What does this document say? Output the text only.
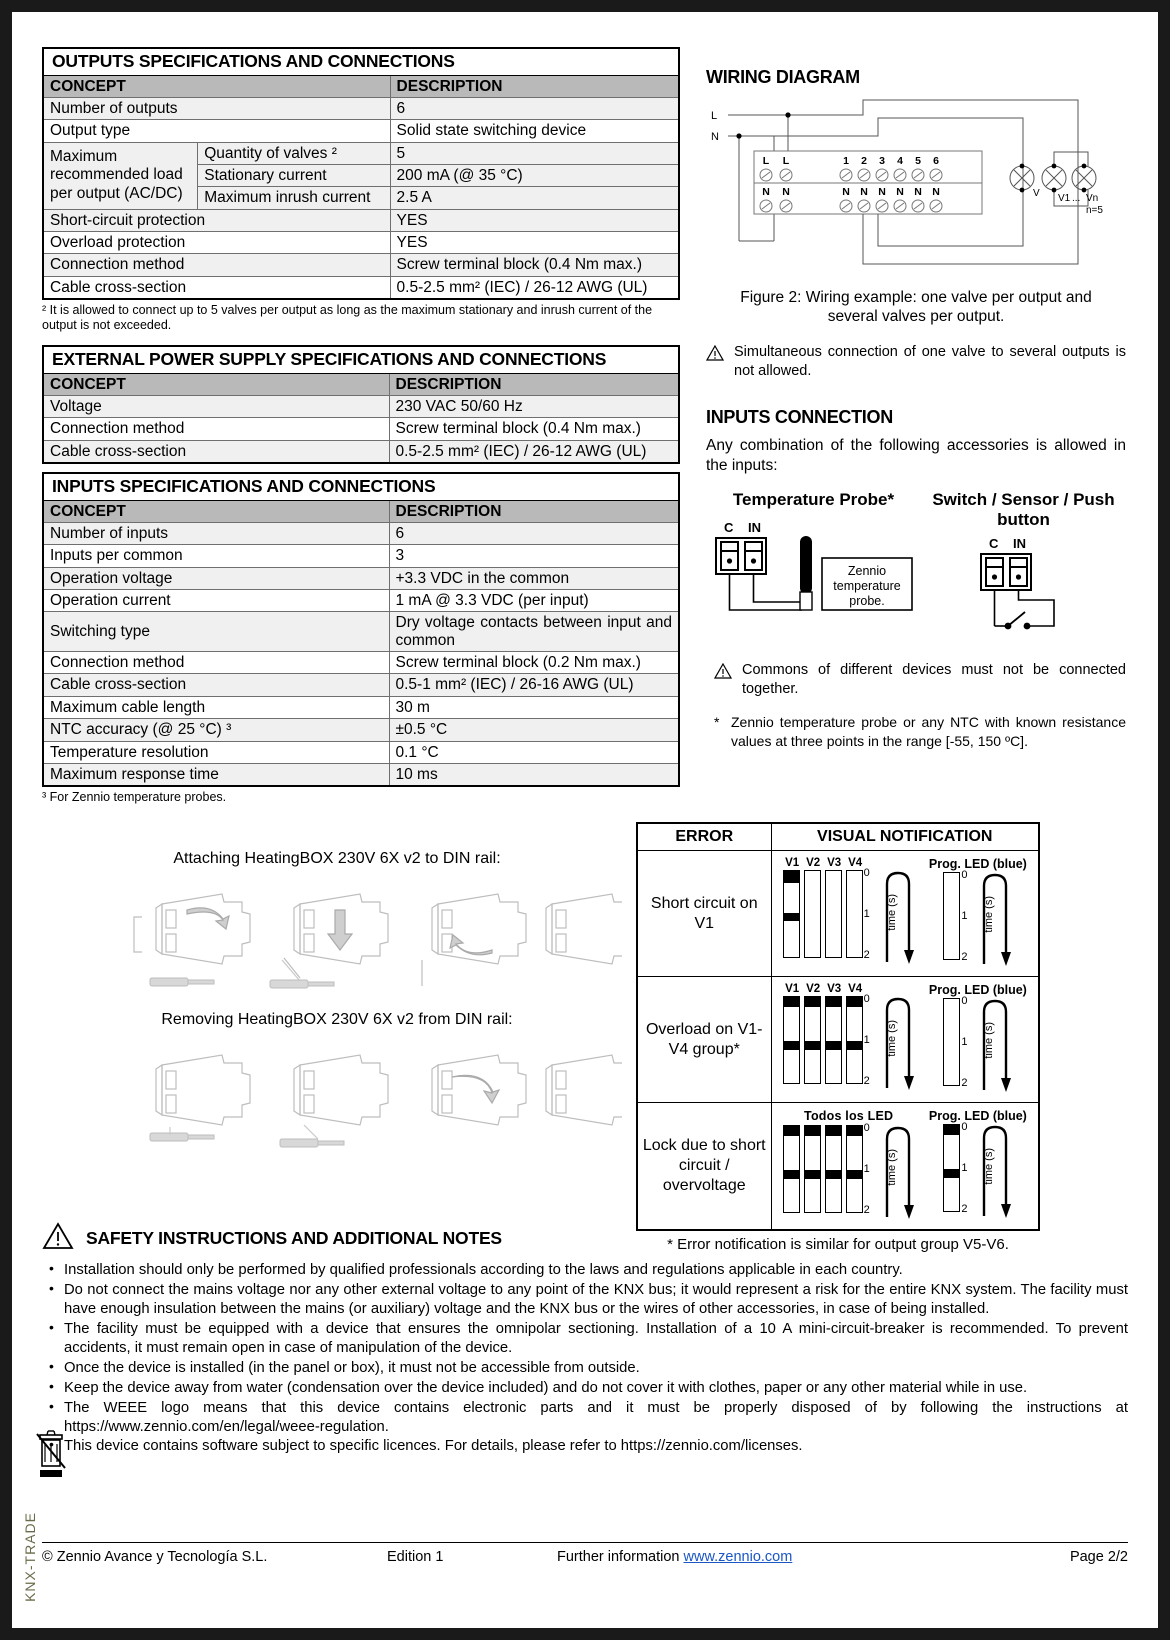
OUTPUTS SPECIFICATIONS AND CONNECTIONS		
CONCEPT		DESCRIPTION
Number of outputs		6
Output type		Solid state switching device
Maximum recommended load per output (AC/DC)	Quantity of valves ²	5
	Stationary current	200 mA (@ 35 °C)
	Maximum inrush current	2.5 A
Short-circuit protection		YES
Overload protection		YES
Connection method		Screw terminal block (0.4 Nm max.)
Cable cross-section		0.5-2.5 mm² (IEC) / 26-12 AWG (UL)
² It is allowed to connect up to 5 valves per output as long as the maximum stationary and inrush current of the output is not exceeded.
EXTERNAL POWER SUPPLY SPECIFICATIONS AND CONNECTIONS	
CONCEPT	DESCRIPTION
Voltage	230 VAC 50/60 Hz
Connection method	Screw terminal block (0.4 Nm max.)
Cable cross-section	0.5-2.5 mm² (IEC) / 26-12 AWG (UL)
INPUTS SPECIFICATIONS AND CONNECTIONS	
CONCEPT	DESCRIPTION
Number of inputs	6
Inputs per common	3
Operation voltage	+3.3 VDC in the common
Operation current	1 mA @ 3.3 VDC (per input)
Switching type	Dry voltage contacts between input and common
Connection method	Screw terminal block (0.2 Nm max.)
Cable cross-section	0.5-1 mm² (IEC) / 26-16 AWG (UL)
Maximum cable length	30 m
NTC accuracy (@ 25 °C) ³	±0.5 °C
Temperature resolution	0.1 °C
Maximum response time	10 ms
³ For Zennio temperature probes.
WIRING DIAGRAM
L
N
L L	1 2 3 4 5 6
N N	N N N N N N	V V1 ... Vn
n=5
Figure 2: Wiring example: one valve per output and several valves per output.
Simultaneous connection of one valve to several outputs is not allowed.
INPUTS CONNECTION
Any combination of the following accessories is allowed in the inputs:
Temperature Probe*
C IN
Zennio
temperature
probe.
Switch / Sensor / Push button
C IN
Commons of different devices must not be connected together.
* Zennio temperature probe or any NTC with known resistance values at three points in the range [-55, 150 ºC].
Attaching HeatingBOX 230V 6X v2 to DIN rail:
Removing HeatingBOX 230V 6X v2 from DIN rail:
ERROR	VISUAL NOTIFICATION
Short circuit on V1	
V1 V2 V3 V4
0
1
2
time (s)
Prog. LED (blue)
0
1
2
time (s)

Overload on V1-V4 group*	
V1 V2 V3 V4
0
1
2
time (s)
Prog. LED (blue)
0
1
2
time (s)

Lock due to short circuit / overvoltage	
Todos los LED
0
1
2
time (s)
Prog. LED (blue)
0
1
2
time (s)
* Error notification is similar for output group V5-V6.
SAFETY INSTRUCTIONS AND ADDITIONAL NOTES
• Installation should only be performed by qualified professionals according to the laws and regulations applicable in each country.
• Do not connect the mains voltage nor any other external voltage to any point of the KNX bus; it would represent a risk for the entire KNX system. The facility must have enough insulation between the mains (or auxiliary) voltage and the KNX bus or the wires of other accessories, in case of being installed.
• The facility must be equipped with a device that ensures the omnipolar sectioning. Installation of a 10 A mini-circuit-breaker is recommended. To prevent accidents, it must remain open in case of manipulation of the device.
• Once the device is installed (in the panel or box), it must not be accessible from outside.
• Keep the device away from water (condensation over the device included) and do not cover it with clothes, paper or any other material while in use.
• The WEEE logo means that this device contains electronic parts and it must be properly disposed of by following the instructions at https://www.zennio.com/en/legal/weee-regulation.
• This device contains software subject to specific licences. For details, please refer to https://zennio.com/licenses.
© Zennio Avance y Tecnología S.L.	Edition 1	Further information www.zennio.com	Page 2/2
KNX-TRADE
